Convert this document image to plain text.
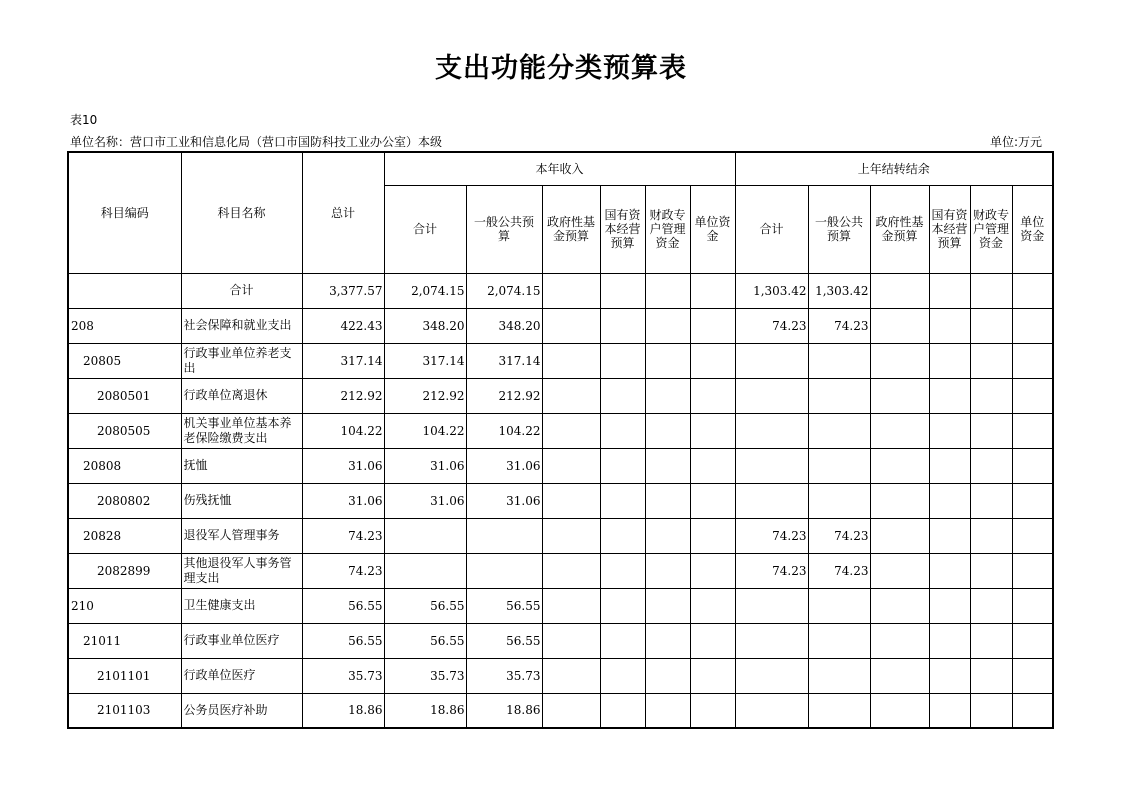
支出功能分类预算表
表10
单位名称：营口市工业和信息化局（营口市国防科技工业办公室）本级	单位:万元
科目编码	科目名称	总计	本年收入						上年结转结余					
			合计	一般公共预算	政府性基金预算	国有资本经营预算	财政专户管理资金	单位资金	合计	一般公共预算	政府性基金预算	国有资本经营预算	财政专户管理资金	单位资金
	合计	3,377.57	2,074.15	2,074.15					1,303.42	1,303.42				
208	社会保障和就业支出	422.43	348.20	348.20					74.23	74.23				
20805	行政事业单位养老支出	317.14	317.14	317.14										
2080501	行政单位离退休	212.92	212.92	212.92										
2080505	机关事业单位基本养老保险缴费支出	104.22	104.22	104.22										
20808	抚恤	31.06	31.06	31.06										
2080802	伤残抚恤	31.06	31.06	31.06										
20828	退役军人管理事务	74.23							74.23	74.23				
2082899	其他退役军人事务管理支出	74.23							74.23	74.23				
210	卫生健康支出	56.55	56.55	56.55										
21011	行政事业单位医疗	56.55	56.55	56.55										
2101101	行政单位医疗	35.73	35.73	35.73										
2101103	公务员医疗补助	18.86	18.86	18.86										
